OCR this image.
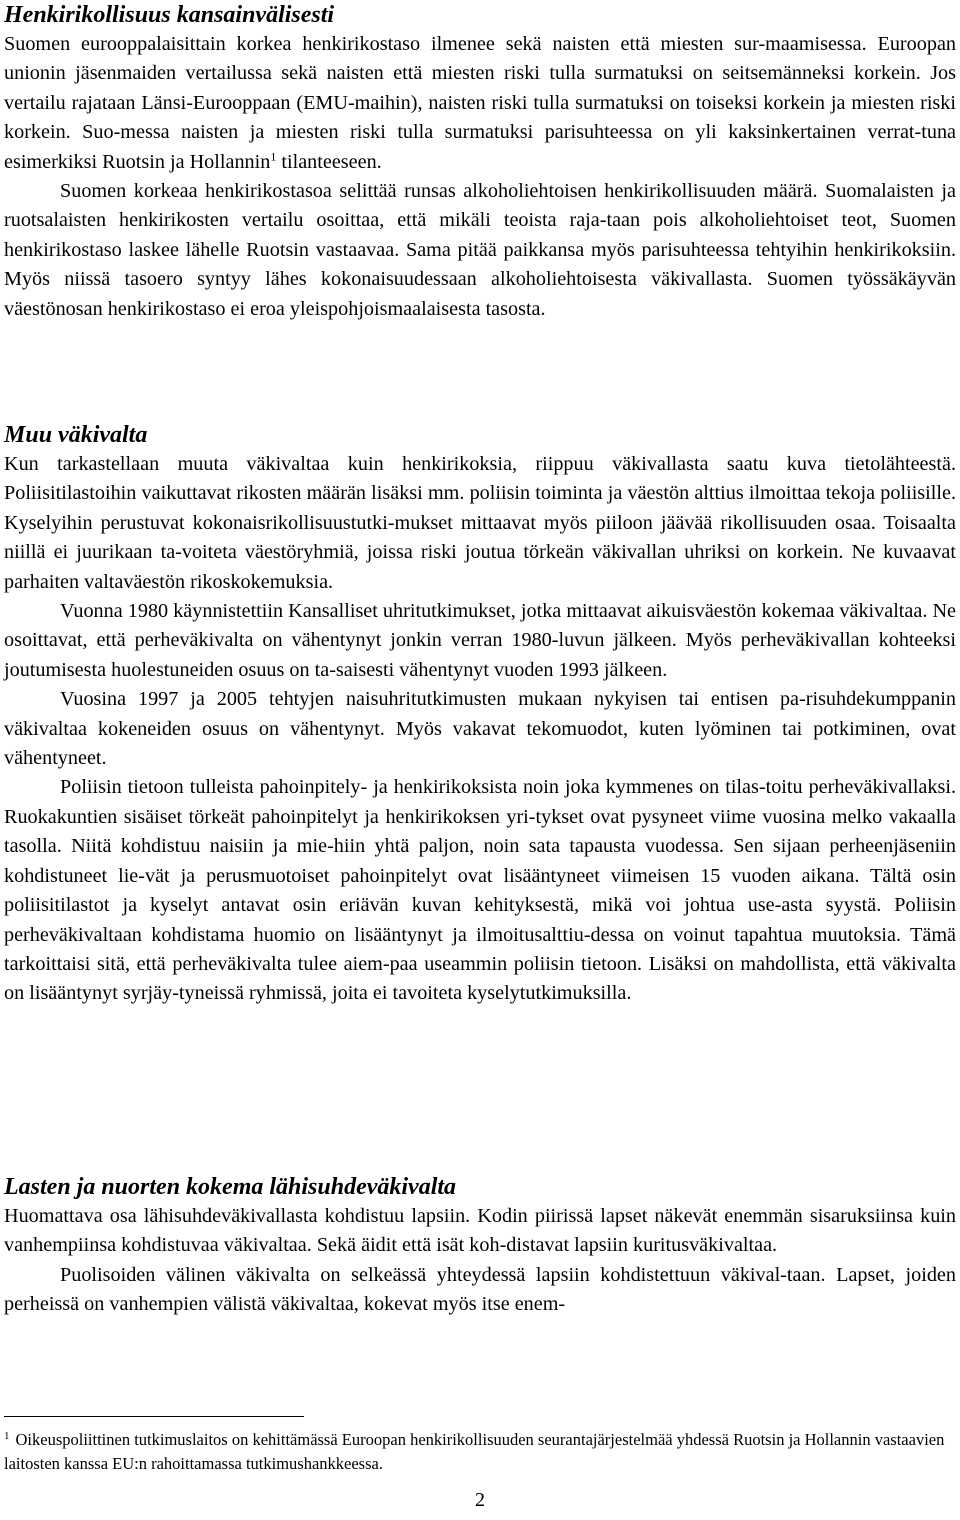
Henkirikollisuus kansainvälisesti

Suomen eurooppalaisittain korkea henkirikostaso ilmenee sekä naisten että miesten sur-maamisessa. Euroopan unionin jäsenmaiden vertailussa sekä naisten että miesten riski tulla surmatuksi on seitsemänneksi korkein. Jos vertailu rajataan Länsi-Eurooppaan (EMU-maihin), naisten riski tulla surmatuksi on toiseksi korkein ja miesten riski korkein. Suo-messa naisten ja miesten riski tulla surmatuksi parisuhteessa on yli kaksinkertainen verrat-tuna esimerkiksi Ruotsin ja Hollannin$^1$ tilanteeseen.

Suomen korkeaa henkirikostasoa selittää runsas alkoholiehtoisen henkirikollisuuden määrä. Suomalaisten ja ruotsalaisten henkirikosten vertailu osoittaa, että mikäli teoista raja-taan pois alkoholiehtoiset teot, Suomen henkirikostaso laskee lähelle Ruotsin vastaavaa. Sama pitää paikkansa myös parisuhteessa tehtyihin henkirikoksiin. Myös niissä tasoero syntyy lähes kokonaisuudessaan alkoholiehtoisesta väkivallasta. Suomen työssäkäyvän väestönosan henkirikostaso ei eroa yleispohjoismaalaisesta tasosta.

Muu väkivalta

Kun tarkastellaan muuta väkivaltaa kuin henkirikoksia, riippuu väkivallasta saatu kuva tietolähteestä. Poliisitilastoihin vaikuttavat rikosten määrän lisäksi mm. poliisin toiminta ja väestön alttius ilmoittaa tekoja poliisille. Kyselyihin perustuvat kokonaisrikollisuustutki-mukset mittaavat myös piiloon jäävää rikollisuuden osaa. Toisaalta niillä ei juurikaan ta-voiteta väestöryhmiä, joissa riski joutua törkeän väkivallan uhriksi on korkein. Ne kuvaavat parhaiten valtaväestön rikoskokemuksia.

Vuonna 1980 käynnistettiin Kansalliset uhritutkimukset, jotka mittaavat aikuisväestön kokemaa väkivaltaa. Ne osoittavat, että perheväkivalta on vähentynyt jonkin verran 1980-luvun jälkeen. Myös perheväkivallan kohteeksi joutumisesta huolestuneiden osuus on ta-saisesti vähentynyt vuoden 1993 jälkeen.

Vuosina 1997 ja 2005 tehtyjen naisuhritutkimusten mukaan nykyisen tai entisen pa-risuhdekumppanin väkivaltaa kokeneiden osuus on vähentynyt. Myös vakavat tekomuodot, kuten lyöminen tai potkiminen, ovat vähentyneet.

Poliisin tietoon tulleista pahoinpitely- ja henkirikoksista noin joka kymmenes on tilas-toitu perheväkivallaksi. Ruokakuntien sisäiset törkeät pahoinpitelyt ja henkirikoksen yri-tykset ovat pysyneet viime vuosina melko vakaalla tasolla. Niitä kohdistuu naisiin ja mie-hiin yhtä paljon, noin sata tapausta vuodessa. Sen sijaan perheenjäseniin kohdistuneet lie-vät ja perusmuotoiset pahoinpitelyt ovat lisääntyneet viimeisen 15 vuoden aikana. Tältä osin poliisitilastot ja kyselyt antavat osin eriävän kuvan kehityksestä, mikä voi johtua use-asta syystä. Poliisin perheväkivaltaan kohdistama huomio on lisääntynyt ja ilmoitusalttiu-dessa on voinut tapahtua muutoksia. Tämä tarkoittaisi sitä, että perheväkivalta tulee aiem-paa useammin poliisin tietoon. Lisäksi on mahdollista, että väkivalta on lisääntynyt syrjäy-tyneissä ryhmissä, joita ei tavoiteta kyselytutkimuksilla.

Lasten ja nuorten kokema lähisuhdeväkivalta

Huomattava osa lähisuhdeväkivallasta kohdistuu lapsiin. Kodin piirissä lapset näkevät enemmän sisaruksiinsa kuin vanhempiinsa kohdistuvaa väkivaltaa. Sekä äidit että isät koh-distavat lapsiin kuritusväkivaltaa.

Puolisoiden välinen väkivalta on selkeässä yhteydessä lapsiin kohdistettuun väkival-taan. Lapset, joiden perheissä on vanhempien välistä väkivaltaa, kokevat myös itse enem-

$^1$ Oikeuspoliittinen tutkimuslaitos on kehittämässä Euroopan henkirikollisuuden seurantajärjestelmää yhdessä Ruotsin ja Hollannin vastaavien laitosten kanssa EU:n rahoittamassa tutkimushankkeessa.
2
